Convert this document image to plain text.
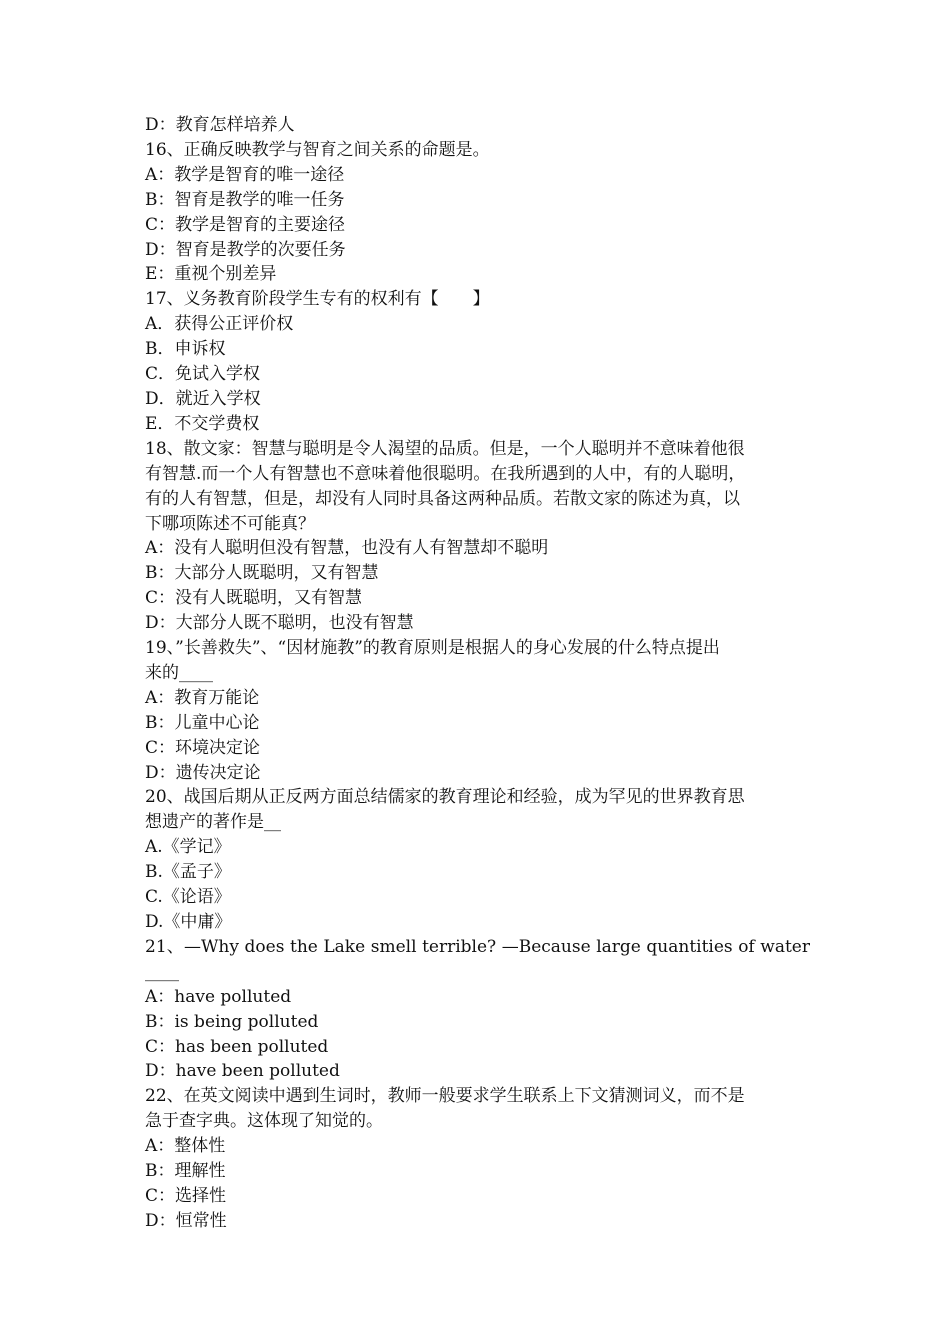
D：教育怎样培养人
16、正确反映教学与智育之间关系的命题是。
A：教学是智育的唯一途径
B：智育是教学的唯一任务
C：教学是智育的主要途径
D：智育是教学的次要任务
E：重视个别差异
17、义务教育阶段学生专有的权利有【　　】
A．获得公正评价权
B．申诉权
C．免试入学权
D．就近入学权
E．不交学费权
18、散文家：智慧与聪明是令人渴望的品质。但是，一个人聪明并不意味着他很
有智慧.而一个人有智慧也不意味着他很聪明。在我所遇到的人中，有的人聪明，
有的人有智慧，但是，却没有人同时具备这两种品质。若散文家的陈述为真，以
下哪项陈述不可能真？
A：没有人聪明但没有智慧，也没有人有智慧却不聪明
B：大部分人既聪明，又有智慧
C：没有人既聪明，又有智慧
D：大部分人既不聪明，也没有智慧
19、”长善救失”、“因材施教”的教育原则是根据人的身心发展的什么特点提出
来的____
A：教育万能论
B：儿童中心论
C：环境决定论
D：遗传决定论
20、战国后期从正反两方面总结儒家的教育理论和经验，成为罕见的世界教育思
想遗产的著作是__
A.《学记》
B.《孟子》
C.《论语》
D.《中庸》
21、—Why does the Lake smell terrible? —Because large quantities of water____
A：have polluted
B：is being polluted
C：has been polluted
D：have been polluted
22、在英文阅读中遇到生词时，教师一般要求学生联系上下文猜测词义，而不是
急于查字典。这体现了知觉的。
A：整体性
B：理解性
C：选择性
D：恒常性
